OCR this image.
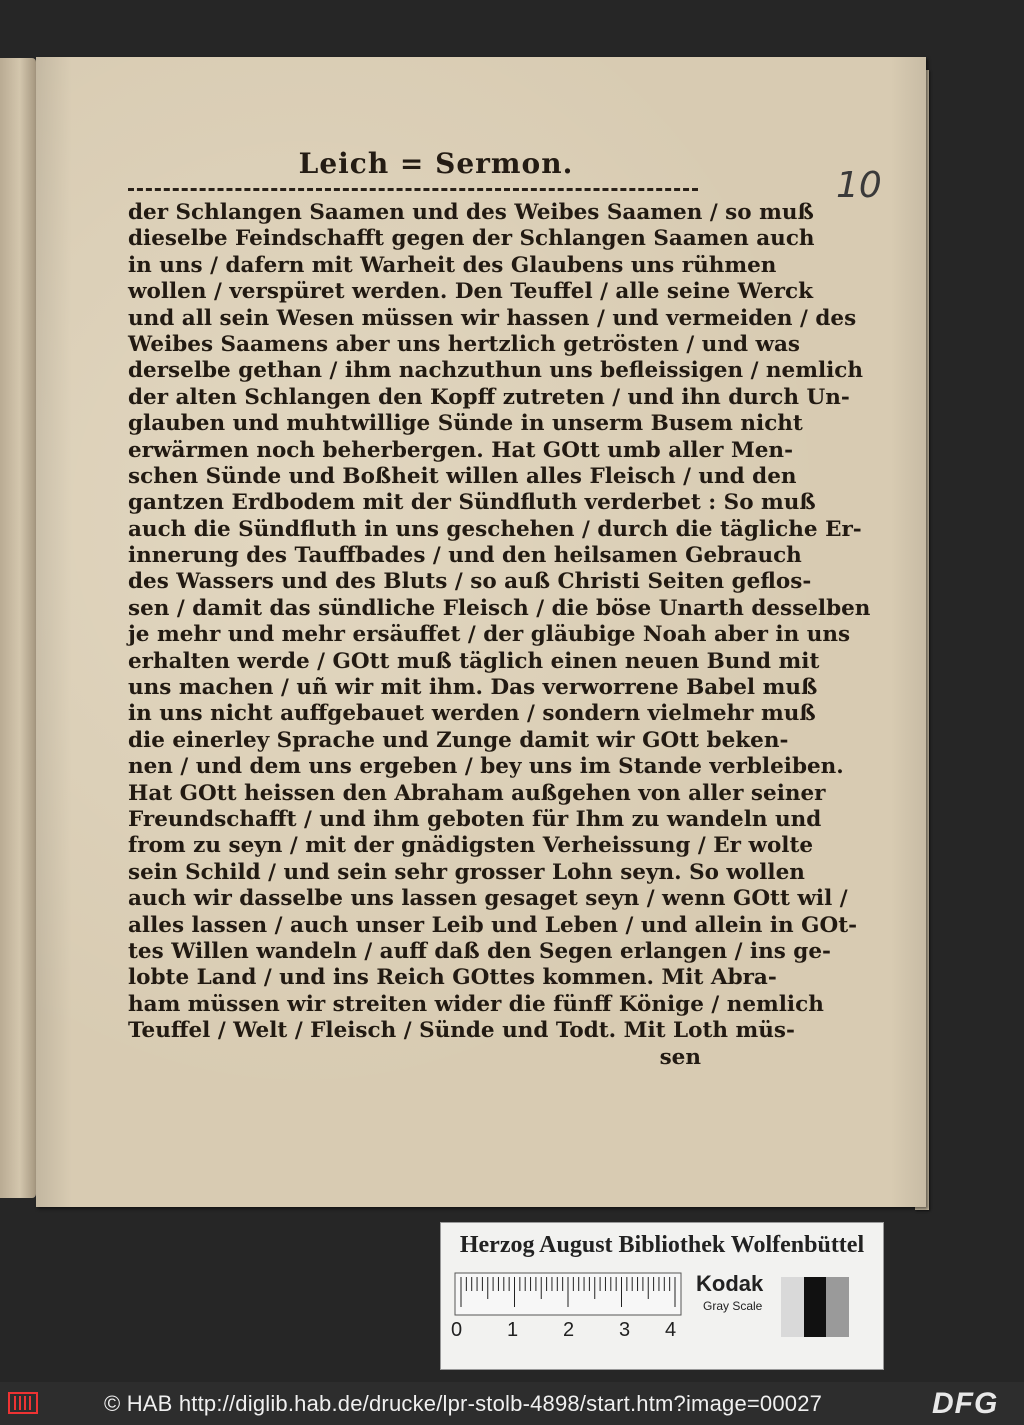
Leich = Sermon.
10
der Schlangen Saamen und des Weibes Saamen / so muß
dieselbe Feindschafft gegen der Schlangen Saamen auch
in uns / dafern mit Warheit des Glaubens uns rühmen
wollen / verspüret werden. Den Teuffel / alle seine Werck
und all sein Wesen müssen wir hassen / und vermeiden / des
Weibes Saamens aber uns hertzlich getrösten / und was
derselbe gethan / ihm nachzuthun uns befleissigen / nemlich
der alten Schlangen den Kopff zutreten / und ihn durch Un-
glauben und muhtwillige Sünde in unserm Busem nicht
erwärmen noch beherbergen. Hat GOtt umb aller Men-
schen Sünde und Boßheit willen alles Fleisch / und den
gantzen Erdbodem mit der Sündfluth verderbet : So muß
auch die Sündfluth in uns geschehen / durch die tägliche Er-
innerung des Tauffbades / und den heilsamen Gebrauch
des Wassers und des Bluts / so auß Christi Seiten geflos-
sen / damit das sündliche Fleisch / die böse Unarth desselben
je mehr und mehr ersäuffet / der gläubige Noah aber in uns
erhalten werde / GOtt muß täglich einen neuen Bund mit
uns machen / uñ wir mit ihm. Das verworrene Babel muß
in uns nicht auffgebauet werden / sondern vielmehr muß
die einerley Sprache und Zunge damit wir GOtt beken-
nen / und dem uns ergeben / bey uns im Stande verbleiben.
Hat GOtt heissen den Abraham außgehen von aller seiner
Freundschafft / und ihm geboten für Ihm zu wandeln und
from zu seyn / mit der gnädigsten Verheissung / Er wolte
sein Schild / und sein sehr grosser Lohn seyn. So wollen
auch wir dasselbe uns lassen gesaget seyn / wenn GOtt wil /
alles lassen / auch unser Leib und Leben / und allein in GOt-
tes Willen wandeln / auff daß den Segen erlangen / ins ge-
lobte Land / und ins Reich GOttes kommen. Mit Abra-
ham müssen wir streiten wider die fünff Könige / nemlich
Teuffel / Welt / Fleisch / Sünde und Todt. Mit Loth müs-
sen
Herzog August Bibliothek Wolfenbüttel
0 1 2 3 4
Kodak
Gray Scale
© HAB http://diglib.hab.de/drucke/lpr-stolb-4898/start.htm?image=00027	DFG
